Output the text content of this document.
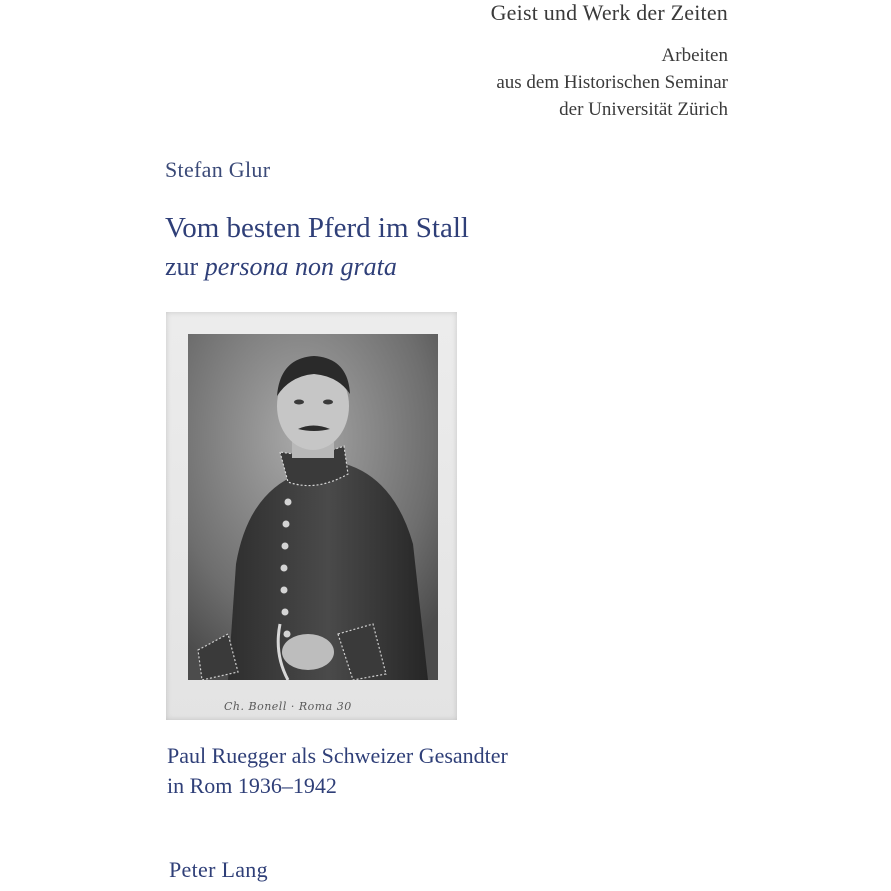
Geist und Werk der Zeiten
Arbeiten
aus dem Historischen Seminar
der Universität Zürich
Stefan Glur
Vom besten Pferd im Stall
zur persona non grata
Ch. Bonell · Roma 30
Paul Ruegger als Schweizer Gesandter
in Rom 1936–1942
Peter Lang
